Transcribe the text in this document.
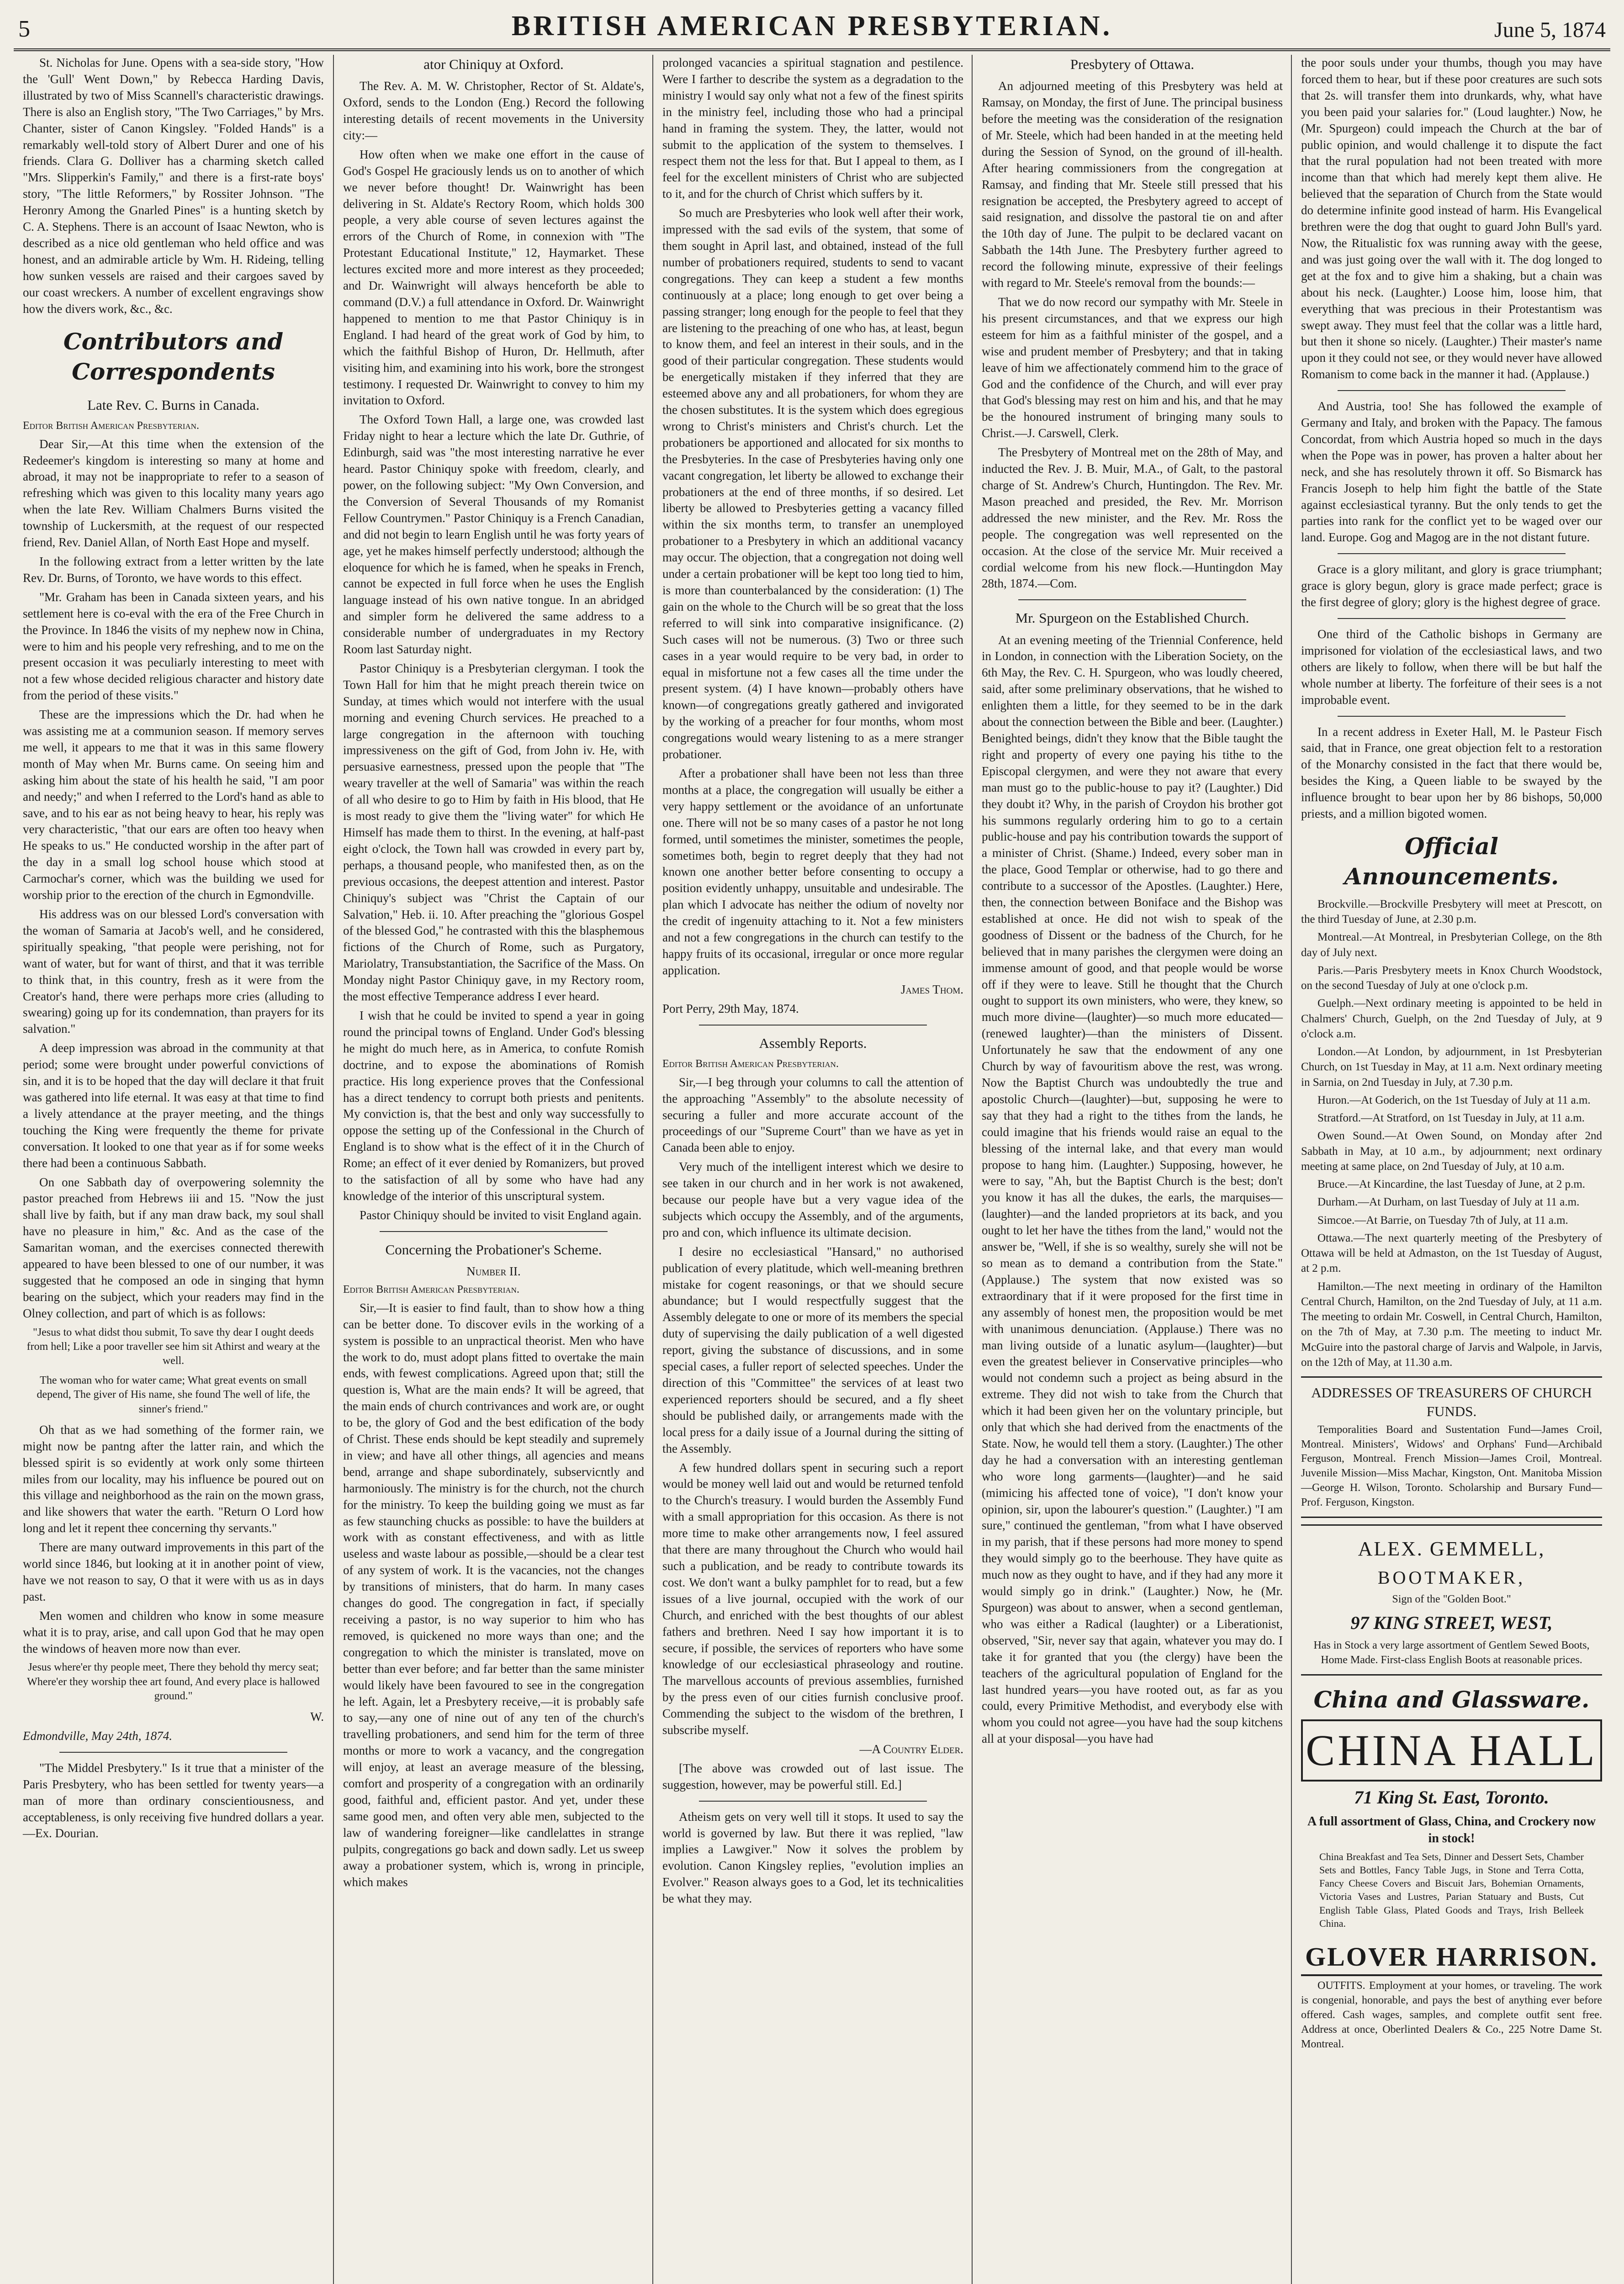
5	BRITISH AMERICAN PRESBYTERIAN.	June 5, 1874

St. Nicholas for June. Opens with a sea-side story, "How the 'Gull' Went Down," by Rebecca Harding Davis, illustrated by two of Miss Scannell's characteristic drawings. There is also an English story, "The Two Carriages," by Mrs. Chanter, sister of Canon Kingsley. "Folded Hands" is a remarkably well-told story of Albert Durer and one of his friends. Clara G. Dolliver has a charming sketch called "Mrs. Slipperkin's Family," and there is a first-rate boys' story, "The little Reformers," by Rossiter Johnson. "The Heronry Among the Gnarled Pines" is a hunting sketch by C. A. Stephens. There is an account of Isaac Newton, who is described as a nice old gentleman who held office and was honest, and an admirable article by Wm. H. Rideing, telling how sunken vessels are raised and their cargoes saved by our coast wreckers. A number of excellent engravings show how the divers work, &c., &c.

Contributors and Correspondents
Late Rev. C. Burns in Canada.

Editor British American Presbyterian.

Dear Sir,—At this time when the extension of the Redeemer's kingdom is interesting so many at home and abroad, it may not be inappropriate to refer to a season of refreshing which was given to this locality many years ago when the late Rev. William Chalmers Burns visited the township of Luckersmith, at the request of our respected friend, Rev. Daniel Allan, of North East Hope and myself.

In the following extract from a letter written by the late Rev. Dr. Burns, of Toronto, we have words to this effect.

"Mr. Graham has been in Canada sixteen years, and his settlement here is co-eval with the era of the Free Church in the Province. In 1846 the visits of my nephew now in China, were to him and his people very refreshing, and to me on the present occasion it was peculiarly interesting to meet with not a few whose decided religious character and history date from the period of these visits."

These are the impressions which the Dr. had when he was assisting me at a communion season. If memory serves me well, it appears to me that it was in this same flowery month of May when Mr. Burns came. On seeing him and asking him about the state of his health he said, "I am poor and needy;" and when I referred to the Lord's hand as able to save, and to his ear as not being heavy to hear, his reply was very characteristic, "that our ears are often too heavy when He speaks to us." He conducted worship in the after part of the day in a small log school house which stood at Carmochar's corner, which was the building we used for worship prior to the erection of the church in Egmondville.

His address was on our blessed Lord's conversation with the woman of Samaria at Jacob's well, and he considered, spiritually speaking, "that people were perishing, not for want of water, but for want of thirst, and that it was terrible to think that, in this country, fresh as it were from the Creator's hand, there were perhaps more cries (alluding to swearing) going up for its condemnation, than prayers for its salvation."

A deep impression was abroad in the community at that period; some were brought under powerful convictions of sin, and it is to be hoped that the day will declare it that fruit was gathered into life eternal. It was easy at that time to find a lively attendance at the prayer meeting, and the things touching the King were frequently the theme for private conversation. It looked to one that year as if for some weeks there had been a continuous Sabbath.

On one Sabbath day of overpowering solemnity the pastor preached from Hebrews iii and 15. "Now the just shall live by faith, but if any man draw back, my soul shall have no pleasure in him," &c. And as the case of the Samaritan woman, and the exercises connected therewith appeared to have been blessed to one of our number, it was suggested that he composed an ode in singing that hymn bearing on the subject, which your readers may find in the Olney collection, and part of which is as follows:

"Jesus to what didst thou submit, To save thy dear I ought deeds from hell; Like a poor traveller see him sit Athirst and weary at the well.

The woman who for water came; What great events on small depend, The giver of His name, she found The well of life, the sinner's friend."

Oh that as we had something of the former rain, we might now be pantng after the latter rain, and which the blessed spirit is so evidently at work only some thirteen miles from our locality, may his influence be poured out on this village and neighborhood as the rain on the mown grass, and like showers that water the earth. "Return O Lord how long and let it repent thee concerning thy servants."

There are many outward improvements in this part of the world since 1846, but looking at it in another point of view, have we not reason to say, O that it were with us as in days past.

Men women and children who know in some measure what it is to pray, arise, and call upon God that he may open the windows of heaven more now than ever.

Jesus where'er thy people meet, There they behold thy mercy seat; Where'er they worship thee art found, And every place is hallowed ground."

W.

Edmondville, May 24th, 1874.

"The Middel Presbytery." Is it true that a minister of the Paris Presbytery, who has been settled for twenty years—a man of more than ordinary conscientiousness, and acceptableness, is only receiving five hundred dollars a year.—Ex. Dourian.

ator Chiniquy at Oxford.

The Rev. A. M. W. Christopher, Rector of St. Aldate's, Oxford, sends to the London (Eng.) Record the following interesting details of recent movements in the University city:—

How often when we make one effort in the cause of God's Gospel He graciously lends us on to another of which we never before thought! Dr. Wainwright has been delivering in St. Aldate's Rectory Room, which holds 300 people, a very able course of seven lectures against the errors of the Church of Rome, in connexion with "The Protestant Educational Institute," 12, Haymarket. These lectures excited more and more interest as they proceeded; and Dr. Wainwright will always henceforth be able to command (D.V.) a full attendance in Oxford. Dr. Wainwright happened to mention to me that Pastor Chiniquy is in England. I had heard of the great work of God by him, to which the faithful Bishop of Huron, Dr. Hellmuth, after visiting him, and examining into his work, bore the strongest testimony. I requested Dr. Wainwright to convey to him my invitation to Oxford.

The Oxford Town Hall, a large one, was crowded last Friday night to hear a lecture which the late Dr. Guthrie, of Edinburgh, said was "the most interesting narrative he ever heard. Pastor Chiniquy spoke with freedom, clearly, and power, on the following subject: "My Own Conversion, and the Conversion of Several Thousands of my Romanist Fellow Countrymen." Pastor Chiniquy is a French Canadian, and did not begin to learn English until he was forty years of age, yet he makes himself perfectly understood; although the eloquence for which he is famed, when he speaks in French, cannot be expected in full force when he uses the English language instead of his own native tongue. In an abridged and simpler form he delivered the same address to a considerable number of undergraduates in my Rectory Room last Saturday night.

Pastor Chiniquy is a Presbyterian clergyman. I took the Town Hall for him that he might preach therein twice on Sunday, at times which would not interfere with the usual morning and evening Church services. He preached to a large congregation in the afternoon with touching impressiveness on the gift of God, from John iv. He, with persuasive earnestness, pressed upon the people that "The weary traveller at the well of Samaria" was within the reach of all who desire to go to Him by faith in His blood, that He is most ready to give them the "living water" for which He Himself has made them to thirst. In the evening, at half-past eight o'clock, the Town hall was crowded in every part by, perhaps, a thousand people, who manifested then, as on the previous occasions, the deepest attention and interest. Pastor Chiniquy's subject was "Christ the Captain of our Salvation," Heb. ii. 10. After preaching the "glorious Gospel of the blessed God," he contrasted with this the blasphemous fictions of the Church of Rome, such as Purgatory, Mariolatry, Transubstantiation, the Sacrifice of the Mass. On Monday night Pastor Chiniquy gave, in my Rectory room, the most effective Temperance address I ever heard.

I wish that he could be invited to spend a year in going round the principal towns of England. Under God's blessing he might do much here, as in America, to confute Romish doctrine, and to expose the abominations of Romish practice. His long experience proves that the Confessional has a direct tendency to corrupt both priests and penitents. My conviction is, that the best and only way successfully to oppose the setting up of the Confessional in the Church of England is to show what is the effect of it in the Church of Rome; an effect of it ever denied by Romanizers, but proved to the satisfaction of all by some who have had any knowledge of the interior of this unscriptural system.

Pastor Chiniquy should be invited to visit England again.

Concerning the Probationer's Scheme.

Number II.

Editor British American Presbyterian.

Sir,—It is easier to find fault, than to show how a thing can be better done. To discover evils in the working of a system is possible to an unpractical theorist. Men who have the work to do, must adopt plans fitted to overtake the main ends, with fewest complications. Agreed upon that; still the question is, What are the main ends? It will be agreed, that the main ends of church contrivances and work are, or ought to be, the glory of God and the best edification of the body of Christ. These ends should be kept steadily and supremely in view; and have all other things, all agencies and means bend, arrange and shape subordinately, subservicntly and harmoniously. The ministry is for the church, not the church for the ministry. To keep the building going we must as far as few staunching chucks as possible: to have the builders at work with as constant effectiveness, and with as little useless and waste labour as possible,—should be a clear test of any system of work. It is the vacancies, not the changes by transitions of ministers, that do harm. In many cases changes do good. The congregation in fact, if specially receiving a pastor, is no way superior to him who has removed, is quickened no more ways than one; and the congregation to which the minister is translated, move on better than ever before; and far better than the same minister would likely have been favoured to see in the congregation he left. Again, let a Presbytery receive,—it is probably safe to say,—any one of nine out of any ten of the church's travelling probationers, and send him for the term of three months or more to work a vacancy, and the congregation will enjoy, at least an average measure of the blessing, comfort and prosperity of a congregation with an ordinarily good, faithful and, efficient pastor. And yet, under these same good men, and often very able men, subjected to the law of wandering foreigner—like candlelattes in strange pulpits, congregations go back and down sadly. Let us sweep away a probationer system, which is, wrong in principle, which makes

prolonged vacancies a spiritual stagnation and pestilence. Were I farther to describe the system as a degradation to the ministry I would say only what not a few of the finest spirits in the ministry feel, including those who had a principal hand in framing the system. They, the latter, would not submit to the application of the system to themselves. I respect them not the less for that. But I appeal to them, as I feel for the excellent ministers of Christ who are subjected to it, and for the church of Christ which suffers by it.

So much are Presbyteries who look well after their work, impressed with the sad evils of the system, that some of them sought in April last, and obtained, instead of the full number of probationers required, students to send to vacant congregations. They can keep a student a few months continuously at a place; long enough to get over being a passing stranger; long enough for the people to feel that they are listening to the preaching of one who has, at least, begun to know them, and feel an interest in their souls, and in the good of their particular congregation. These students would be energetically mistaken if they inferred that they are esteemed above any and all probationers, for whom they are the chosen substitutes. It is the system which does egregious wrong to Christ's ministers and Christ's church. Let the probationers be apportioned and allocated for six months to the Presbyteries. In the case of Presbyteries having only one vacant congregation, let liberty be allowed to exchange their probationers at the end of three months, if so desired. Let liberty be allowed to Presbyteries getting a vacancy filled within the six months term, to transfer an unemployed probationer to a Presbytery in which an additional vacancy may occur. The objection, that a congregation not doing well under a certain probationer will be kept too long tied to him, is more than counterbalanced by the consideration: (1) The gain on the whole to the Church will be so great that the loss referred to will sink into comparative insignificance. (2) Such cases will not be numerous. (3) Two or three such cases in a year would require to be very bad, in order to equal in misfortune not a few cases all the time under the present system. (4) I have known—probably others have known—of congregations greatly gathered and invigorated by the working of a preacher for four months, whom most congregations would weary listening to as a mere stranger probationer.

After a probationer shall have been not less than three months at a place, the congregation will usually be either a very happy settlement or the avoidance of an unfortunate one. There will not be so many cases of a pastor he not long formed, until sometimes the minister, sometimes the people, sometimes both, begin to regret deeply that they had not known one another better before consenting to occupy a position evidently unhappy, unsuitable and undesirable. The plan which I advocate has neither the odium of novelty nor the credit of ingenuity attaching to it. Not a few ministers and not a few congregations in the church can testify to the happy fruits of its occasional, irregular or once more regular application.

James Thom.

Port Perry, 29th May, 1874.

Assembly Reports.

Editor British American Presbyterian.

Sir,—I beg through your columns to call the attention of the approaching "Assembly" to the absolute necessity of securing a fuller and more accurate account of the proceedings of our "Supreme Court" than we have as yet in Canada been able to enjoy.

Very much of the intelligent interest which we desire to see taken in our church and in her work is not awakened, because our people have but a very vague idea of the subjects which occupy the Assembly, and of the arguments, pro and con, which influence its ultimate decision.

I desire no ecclesiastical "Hansard," no authorised publication of every platitude, which well-meaning brethren mistake for cogent reasonings, or that we should secure abundance; but I would respectfully suggest that the Assembly delegate to one or more of its members the special duty of supervising the daily publication of a well digested report, giving the substance of discussions, and in some special cases, a fuller report of selected speeches. Under the direction of this "Committee" the services of at least two experienced reporters should be secured, and a fly sheet should be published daily, or arrangements made with the local press for a daily issue of a Journal during the sitting of the Assembly.

A few hundred dollars spent in securing such a report would be money well laid out and would be returned tenfold to the Church's treasury. I would burden the Assembly Fund with a small appropriation for this occasion. As there is not more time to make other arrangements now, I feel assured that there are many throughout the Church who would hail such a publication, and be ready to contribute towards its cost. We don't want a bulky pamphlet for to read, but a few issues of a live journal, occupied with the work of our Church, and enriched with the best thoughts of our ablest fathers and brethren. Need I say how important it is to secure, if possible, the services of reporters who have some knowledge of our ecclesiastical phraseology and routine. The marvellous accounts of previous assemblies, furnished by the press even of our cities furnish conclusive proof. Commending the subject to the wisdom of the brethren, I subscribe myself.

—A Country Elder.

[The above was crowded out of last issue. The suggestion, however, may be powerful still. Ed.]

Atheism gets on very well till it stops. It used to say the world is governed by law. But there it was replied, "law implies a Lawgiver." Now it solves the problem by evolution. Canon Kingsley replies, "evolution implies an Evolver." Reason always goes to a God, let its technicalities be what they may.

Presbytery of Ottawa.

An adjourned meeting of this Presbytery was held at Ramsay, on Monday, the first of June. The principal business before the meeting was the consideration of the resignation of Mr. Steele, which had been handed in at the meeting held during the Session of Synod, on the ground of ill-health. After hearing commissioners from the congregation at Ramsay, and finding that Mr. Steele still pressed that his resignation be accepted, the Presbytery agreed to accept of said resignation, and dissolve the pastoral tie on and after the 10th day of June. The pulpit to be declared vacant on Sabbath the 14th June. The Presbytery further agreed to record the following minute, expressive of their feelings with regard to Mr. Steele's removal from the bounds:—

That we do now record our sympathy with Mr. Steele in his present circumstances, and that we express our high esteem for him as a faithful minister of the gospel, and a wise and prudent member of Presbytery; and that in taking leave of him we affectionately commend him to the grace of God and the confidence of the Church, and will ever pray that God's blessing may rest on him and his, and that he may be the honoured instrument of bringing many souls to Christ.—J. Carswell, Clerk.

The Presbytery of Montreal met on the 28th of May, and inducted the Rev. J. B. Muir, M.A., of Galt, to the pastoral charge of St. Andrew's Church, Huntingdon. The Rev. Mr. Mason preached and presided, the Rev. Mr. Morrison addressed the new minister, and the Rev. Mr. Ross the people. The congregation was well represented on the occasion. At the close of the service Mr. Muir received a cordial welcome from his new flock.—Huntingdon May 28th, 1874.—Com.

Mr. Spurgeon on the Established Church.

At an evening meeting of the Triennial Conference, held in London, in connection with the Liberation Society, on the 6th May, the Rev. C. H. Spurgeon, who was loudly cheered, said, after some preliminary observations, that he wished to enlighten them a little, for they seemed to be in the dark about the connection between the Bible and beer. (Laughter.) Benighted beings, didn't they know that the Bible taught the right and property of every one paying his tithe to the Episcopal clergymen, and were they not aware that every man must go to the public-house to pay it? (Laughter.) Did they doubt it? Why, in the parish of Croydon his brother got his summons regularly ordering him to go to a certain public-house and pay his contribution towards the support of a minister of Christ. (Shame.) Indeed, every sober man in the place, Good Templar or otherwise, had to go there and contribute to a successor of the Apostles. (Laughter.) Here, then, the connection between Boniface and the Bishop was established at once. He did not wish to speak of the goodness of Dissent or the badness of the Church, for he believed that in many parishes the clergymen were doing an immense amount of good, and that people would be worse off if they were to leave. Still he thought that the Church ought to support its own ministers, who were, they knew, so much more divine—(laughter)—so much more educated—(renewed laughter)—than the ministers of Dissent. Unfortunately he saw that the endowment of any one Church by way of favouritism above the rest, was wrong. Now the Baptist Church was undoubtedly the true and apostolic Church—(laughter)—but, supposing he were to say that they had a right to the tithes from the lands, he could imagine that his friends would raise an equal to the blessing of the internal lake, and that every man would propose to hang him. (Laughter.) Supposing, however, he were to say, "Ah, but the Baptist Church is the best; don't you know it has all the dukes, the earls, the marquises—(laughter)—and the landed proprietors at its back, and you ought to let her have the tithes from the land," would not the answer be, "Well, if she is so wealthy, surely she will not be so mean as to demand a contribution from the State." (Applause.) The system that now existed was so extraordinary that if it were proposed for the first time in any assembly of honest men, the proposition would be met with unanimous denunciation. (Applause.) There was no man living outside of a lunatic asylum—(laughter)—but even the greatest believer in Conservative principles—who would not condemn such a project as being absurd in the extreme. They did not wish to take from the Church that which it had been given her on the voluntary principle, but only that which she had derived from the enactments of the State. Now, he would tell them a story. (Laughter.) The other day he had a conversation with an interesting gentleman who wore long garments—(laughter)—and he said (mimicing his affected tone of voice), "I don't know your opinion, sir, upon the labourer's question." (Laughter.) "I am sure," continued the gentleman, "from what I have observed in my parish, that if these persons had more money to spend they would simply go to the beerhouse. They have quite as much now as they ought to have, and if they had any more it would simply go in drink." (Laughter.) Now, he (Mr. Spurgeon) was about to answer, when a second gentleman, who was either a Radical (laughter) or a Liberationist, observed, "Sir, never say that again, whatever you may do. I take it for granted that you (the clergy) have been the teachers of the agricultural population of England for the last hundred years—you have rooted out, as far as you could, every Primitive Methodist, and everybody else with whom you could not agree—you have had the soup kitchens all at your disposal—you have had

the poor souls under your thumbs, though you may have forced them to hear, but if these poor creatures are such sots that 2s. will transfer them into drunkards, why, what have you been paid your salaries for." (Loud laughter.) Now, he (Mr. Spurgeon) could impeach the Church at the bar of public opinion, and would challenge it to dispute the fact that the rural population had not been treated with more income than that which had merely kept them alive. He believed that the separation of Church from the State would do determine infinite good instead of harm. His Evangelical brethren were the dog that ought to guard John Bull's yard. Now, the Ritualistic fox was running away with the geese, and was just going over the wall with it. The dog longed to get at the fox and to give him a shaking, but a chain was about his neck. (Laughter.) Loose him, loose him, that everything that was precious in their Protestantism was swept away. They must feel that the collar was a little hard, but then it shone so nicely. (Laughter.) Their master's name upon it they could not see, or they would never have allowed Romanism to come back in the manner it had. (Applause.)

And Austria, too! She has followed the example of Germany and Italy, and broken with the Papacy. The famous Concordat, from which Austria hoped so much in the days when the Pope was in power, has proven a halter about her neck, and she has resolutely thrown it off. So Bismarck has Francis Joseph to help him fight the battle of the State against ecclesiastical tyranny. But the only tends to get the parties into rank for the conflict yet to be waged over our land. Europe. Gog and Magog are in the not distant future.

Grace is a glory militant, and glory is grace triumphant; grace is glory begun, glory is grace made perfect; grace is the first degree of glory; glory is the highest degree of grace.

One third of the Catholic bishops in Germany are imprisoned for violation of the ecclesiastical laws, and two others are likely to follow, when there will be but half the whole number at liberty. The forfeiture of their sees is a not improbable event.

In a recent address in Exeter Hall, M. le Pasteur Fisch said, that in France, one great objection felt to a restoration of the Monarchy consisted in the fact that there would be, besides the King, a Queen liable to be swayed by the influence brought to bear upon her by 86 bishops, 50,000 priests, and a million bigoted women.

Official Announcements.

Brockville.—Brockville Presbytery will meet at Prescott, on the third Tuesday of June, at 2.30 p.m.

Montreal.—At Montreal, in Presbyterian College, on the 8th day of July next.

Paris.—Paris Presbytery meets in Knox Church Woodstock, on the second Tuesday of July at one o'clock p.m.

Guelph.—Next ordinary meeting is appointed to be held in Chalmers' Church, Guelph, on the 2nd Tuesday of July, at 9 o'clock a.m.

London.—At London, by adjournment, in 1st Presbyterian Church, on 1st Tuesday in May, at 11 a.m. Next ordinary meeting in Sarnia, on 2nd Tuesday in July, at 7.30 p.m.

Huron.—At Goderich, on the 1st Tuesday of July at 11 a.m.

Stratford.—At Stratford, on 1st Tuesday in July, at 11 a.m.

Owen Sound.—At Owen Sound, on Monday after 2nd Sabbath in May, at 10 a.m., by adjournment; next ordinary meeting at same place, on 2nd Tuesday of July, at 10 a.m.

Bruce.—At Kincardine, the last Tuesday of June, at 2 p.m.

Durham.—At Durham, on last Tuesday of July at 11 a.m.

Simcoe.—At Barrie, on Tuesday 7th of July, at 11 a.m.

Ottawa.—The next quarterly meeting of the Presbytery of Ottawa will be held at Admaston, on the 1st Tuesday of August, at 2 p.m.

Hamilton.—The next meeting in ordinary of the Hamilton Central Church, Hamilton, on the 2nd Tuesday of July, at 11 a.m. The meeting to ordain Mr. Coswell, in Central Church, Hamilton, on the 7th of May, at 7.30 p.m. The meeting to induct Mr. McGuire into the pastoral charge of Jarvis and Walpole, in Jarvis, on the 12th of May, at 11.30 a.m.

ADDRESSES OF TREASURERS OF CHURCH FUNDS.

Temporalities Board and Sustentation Fund—James Croil, Montreal. Ministers', Widows' and Orphans' Fund—Archibald Ferguson, Montreal. French Mission—James Croil, Montreal. Juvenile Mission—Miss Machar, Kingston, Ont. Manitoba Mission—George H. Wilson, Toronto. Scholarship and Bursary Fund—Prof. Ferguson, Kingston.

ALEX. GEMMELL,

BOOTMAKER,

Sign of the "Golden Boot."

97 KING STREET, WEST,

Has in Stock a very large assortment of Gentlem Sewed Boots, Home Made. First-class English Boots at reasonable prices.

China and Glassware.

CHINA HALL

71 King St. East, Toronto.

A full assortment of Glass, China, and Crockery now in stock!

China Breakfast and Tea Sets, Dinner and Dessert Sets, Chamber Sets and Bottles, Fancy Table Jugs, in Stone and Terra Cotta, Fancy Cheese Covers and Biscuit Jars, Bohemian Ornaments, Victoria Vases and Lustres, Parian Statuary and Busts, Cut English Table Glass, Plated Goods and Trays, Irish Belleek China.

GLOVER HARRISON.

OUTFITS. Employment at your homes, or traveling. The work is congenial, honorable, and pays the best of anything ever before offered. Cash wages, samples, and complete outfit sent free. Address at once, Oberlinted Dealers & Co., 225 Notre Dame St. Montreal.
